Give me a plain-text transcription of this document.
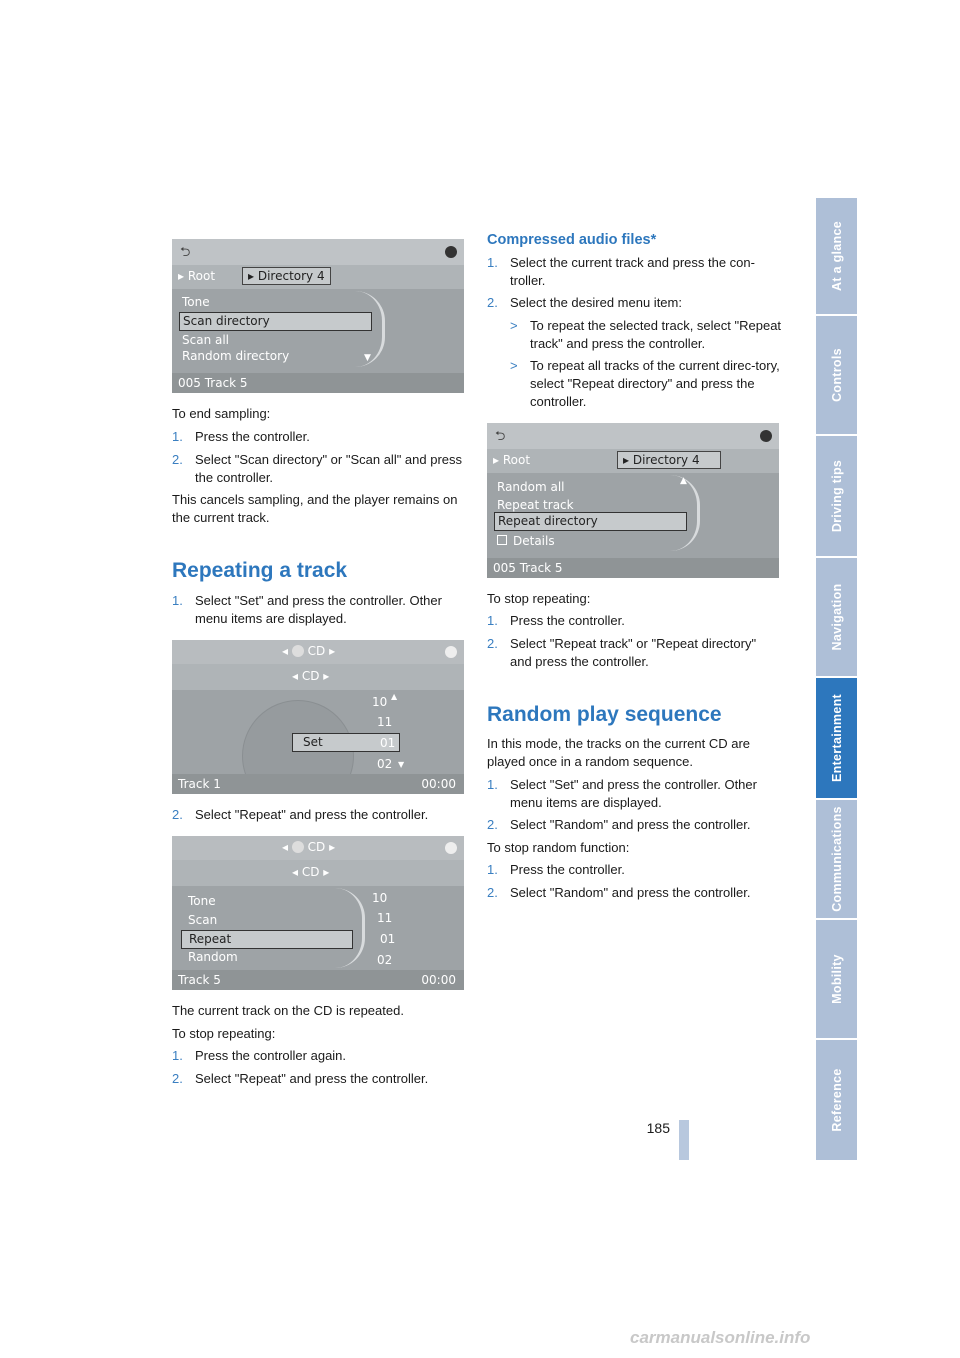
At a glance
Controls
Driving tips
Navigation
Entertainment
Communications
Mobility
Reference
⮌
▸ Root	▸ Directory 4
Tone
Scan directory
Scan all
Random directory	▼
005 Track 5
To end sampling:
1. Press the controller.
2. Select "Scan directory" or "Scan all" and press the controller.
This cancels sampling, and the player remains on the current track.
Repeating a track
1. Select "Set" and press the controller. Other menu items are displayed.
◂  CD ▸
◂ CD ▸
10
11
Set	01
02 ▼
▲
Track 1	00:00
2. Select "Repeat" and press the controller.
◂  CD ▸
◂ CD ▸
Tone
Scan
Repeat
Random
10
11
01
02
Track 5	00:00
The current track on the CD is repeated.
To stop repeating:
1. Press the controller again.
2. Select "Repeat" and press the controller.
Compressed audio files*
1. Select the current track and press the con-troller.
2. Select the desired menu item:
> To repeat the selected track, select "Repeat track" and press the controller.
> To repeat all tracks of the current direc-tory, select "Repeat directory" and press the controller.
⮌
▸ Root	▸ Directory 4
Random all
Repeat track
Repeat directory
Details
▲
005 Track 5
To stop repeating:
1. Press the controller.
2. Select "Repeat track" or "Repeat directory" and press the controller.
Random play sequence
In this mode, the tracks on the current CD are played once in a random sequence.
1. Select "Set" and press the controller. Other menu items are displayed.
2. Select "Random" and press the controller.
To stop random function:
1. Press the controller.
2. Select "Random" and press the controller.
185
carmanualsonline.info
